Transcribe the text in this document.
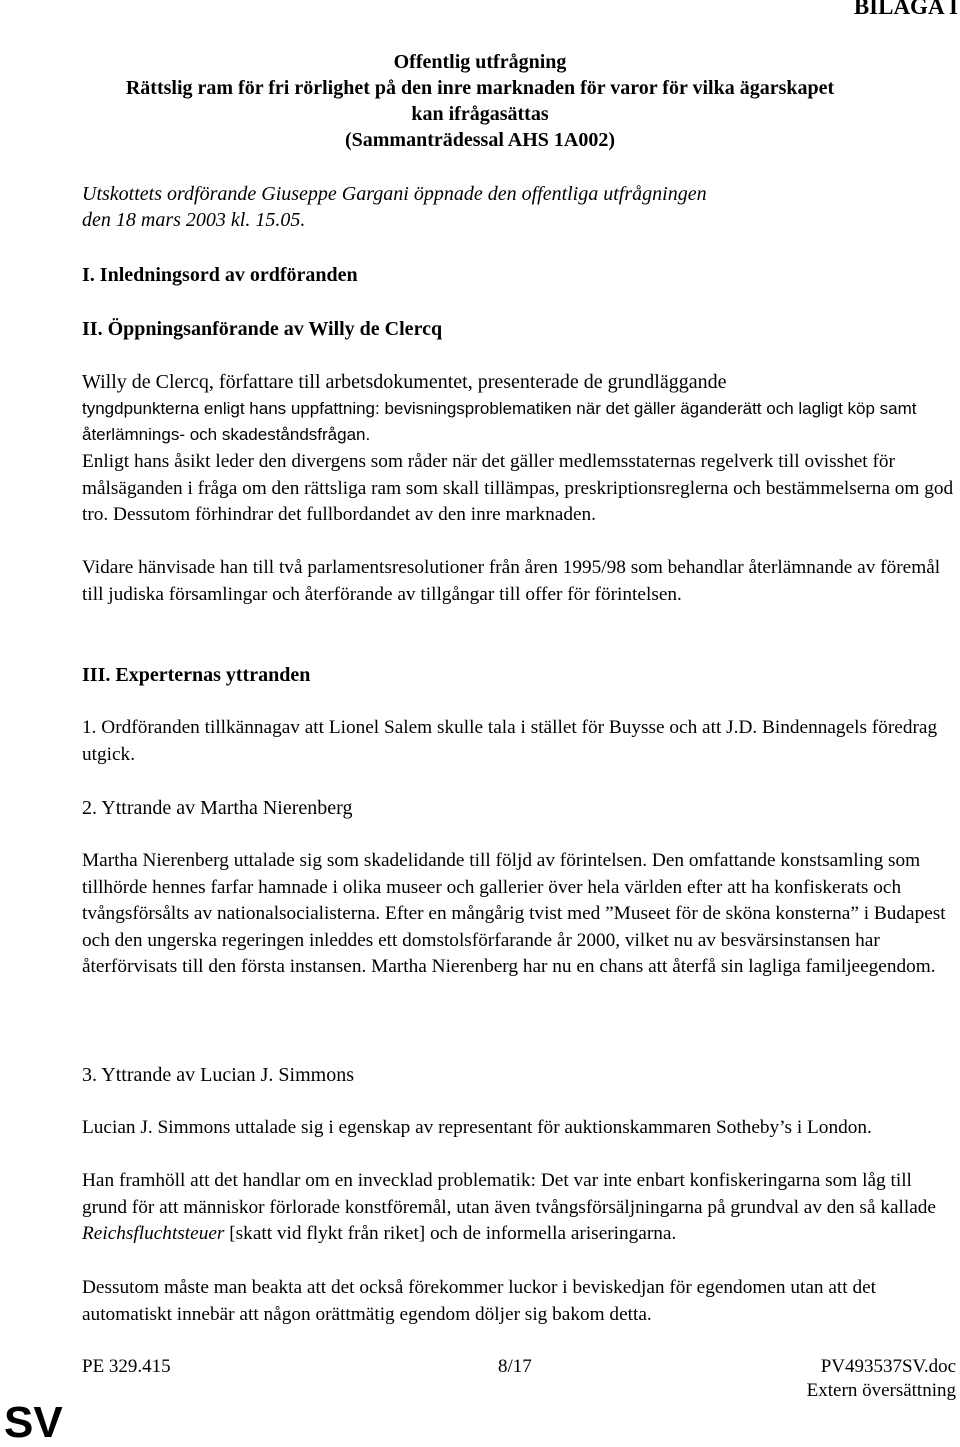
BILAGA I
Offentlig utfrågning
Rättslig ram för fri rörlighet på den inre marknaden för varor för vilka ägarskapet
kan ifrågasättas
(Sammanträdessal AHS 1A002)
Utskottets ordförande Giuseppe Gargani öppnade den offentliga utfrågningen
den 18 mars 2003 kl. 15.05.
I. Inledningsord av ordföranden
II. Öppningsanförande av Willy de Clercq
Willy de Clercq, författare till arbetsdokumentet, presenterade de grundläggande
tyngdpunkterna enligt hans uppfattning: bevisningsproblematiken när det gäller äganderätt och lagligt köp samt återlämnings- och skadeståndsfrågan.
Enligt hans åsikt leder den divergens som råder när det gäller medlemsstaternas regelverk till ovisshet för målsäganden i fråga om den rättsliga ram som skall tillämpas, preskriptionsreglerna och bestämmelserna om god tro. Dessutom förhindrar det fullbordandet av den inre marknaden.
Vidare hänvisade han till två parlamentsresolutioner från åren 1995/98 som behandlar återlämnande av föremål till judiska församlingar och återförande av tillgångar till offer för förintelsen.
III. Experternas yttranden
1. Ordföranden tillkännagav att Lionel Salem skulle tala i stället för Buysse och att J.D. Bindennagels föredrag utgick.
2. Yttrande av Martha Nierenberg
Martha Nierenberg uttalade sig som skadelidande till följd av förintelsen. Den omfattande konstsamling som tillhörde hennes farfar hamnade i olika museer och gallerier över hela världen efter att ha konfiskerats och tvångsförsålts av nationalsocialisterna. Efter en mångårig tvist med ”Museet för de sköna konsterna” i Budapest och den ungerska regeringen inleddes ett domstolsförfarande år 2000, vilket nu av besvärsinstansen har återförvisats till den första instansen. Martha Nierenberg har nu en chans att återfå sin lagliga familjeegendom.
3. Yttrande av Lucian J. Simmons
Lucian J. Simmons uttalade sig i egenskap av representant för auktionskammaren Sotheby’s i London.
Han framhöll att det handlar om en invecklad problematik: Det var inte enbart konfiskeringarna som låg till grund för att människor förlorade konstföremål, utan även tvångsförsäljningarna på grundval av den så kallade Reichsfluchtsteuer [skatt vid flykt från riket] och de informella ariseringarna.
Dessutom måste man beakta att det också förekommer luckor i beviskedjan för egendomen utan att det automatiskt innebär att någon orättmätig egendom döljer sig bakom detta.
PE 329.415	8/17	PV493537SV.doc
Extern översättning
SV
